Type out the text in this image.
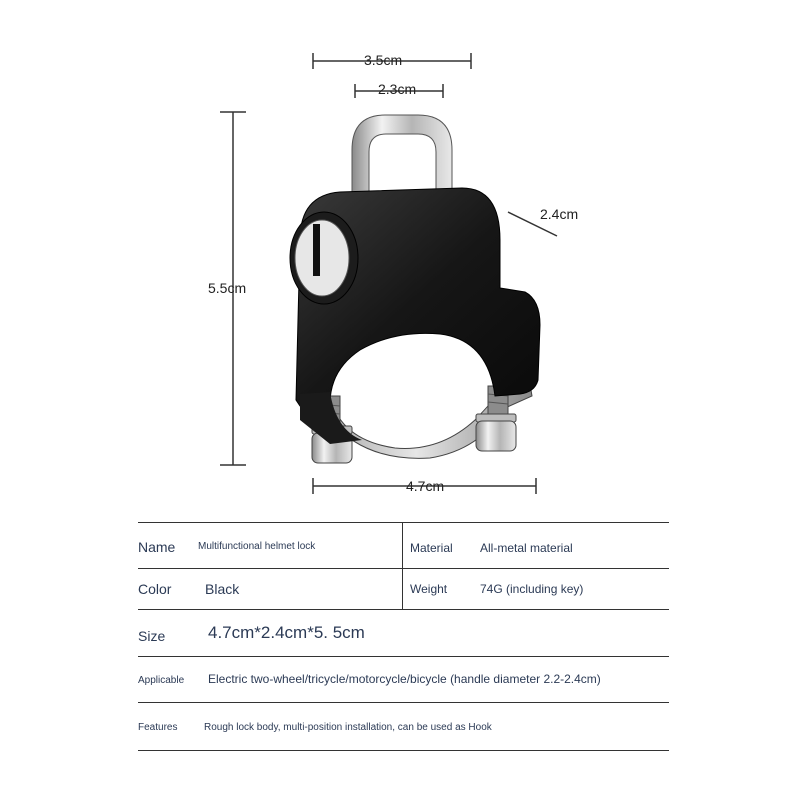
3.5cm
2.3cm
2.4cm
5.5cm
4.7cm
Name Multifunctional helmet lock	Material All-metal material
Color Black	Weight	74G (including key)
Size	4.7cm*2.4cm*5. 5cm
Applicable Electric two-wheel/tricycle/motorcycle/bicycle (handle diameter 2.2-2.4cm)
Features	Rough lock body, multi-position installation, can be used as Hook
